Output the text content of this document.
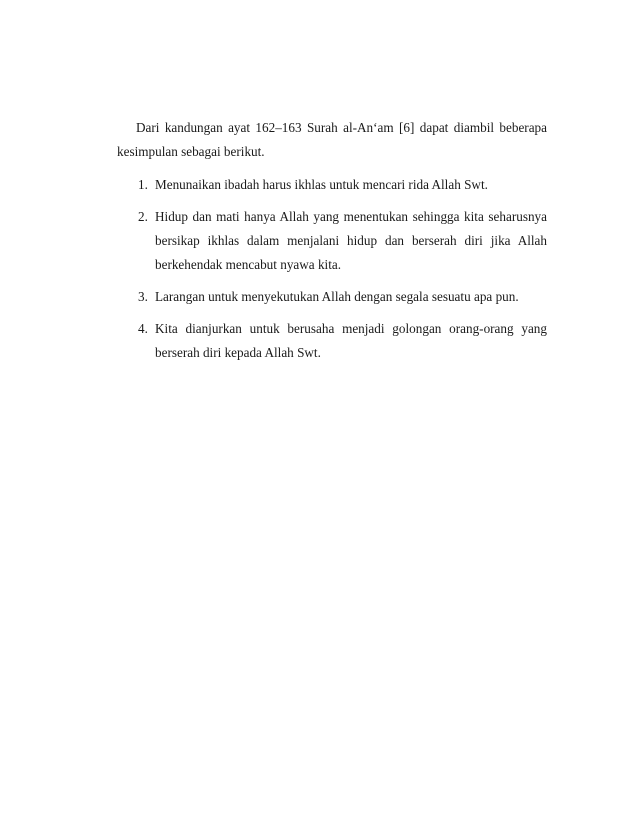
Dari kandungan ayat 162–163 Surah al-An‘am [6] dapat diambil beberapa kesimpulan sebagai berikut.

1. Menunaikan ibadah harus ikhlas untuk mencari rida Allah Swt.
2. Hidup dan mati hanya Allah yang menentukan sehingga kita seharusnya bersikap ikhlas dalam menjalani hidup dan berserah diri jika Allah berkehendak mencabut nyawa kita.
3. Larangan untuk menyekutukan Allah dengan segala sesuatu apa pun.
4. Kita dianjurkan untuk berusaha menjadi golongan orang-orang yang berserah diri kepada Allah Swt.
